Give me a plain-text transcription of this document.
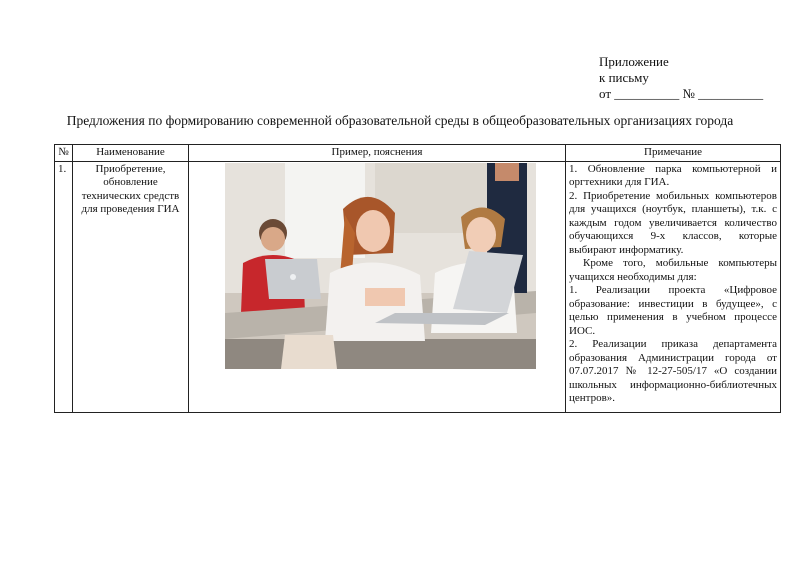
Приложение
к письму
от __________ № __________
Предложения по формированию современной образовательной среды в общеобразовательных организациях города
№	Наименование	Пример, пояснения	Примечание
1.	Приобретение, обновление технических средств для проведения ГИА		1. Обновление парка компьютерной и оргтехники для ГИА.

2. Приобретение мобильных компьютеров для учащихся (ноутбук, планшеты), т.к. с каждым годом увеличивается количество обучающихся 9-х классов, которые выбирают информатику.

Кроме того, мобильные компьютеры учащихся необходимы для:

1. Реализации проекта «Цифровое образование: инвестиции в будущее», с целью применения в учебном процессе ИОС.

2. Реализации приказа департамента образования Администрации города от 07.07.2017 № 12-27-505/17 «О создании школьных информационно-библиотечных центров».
